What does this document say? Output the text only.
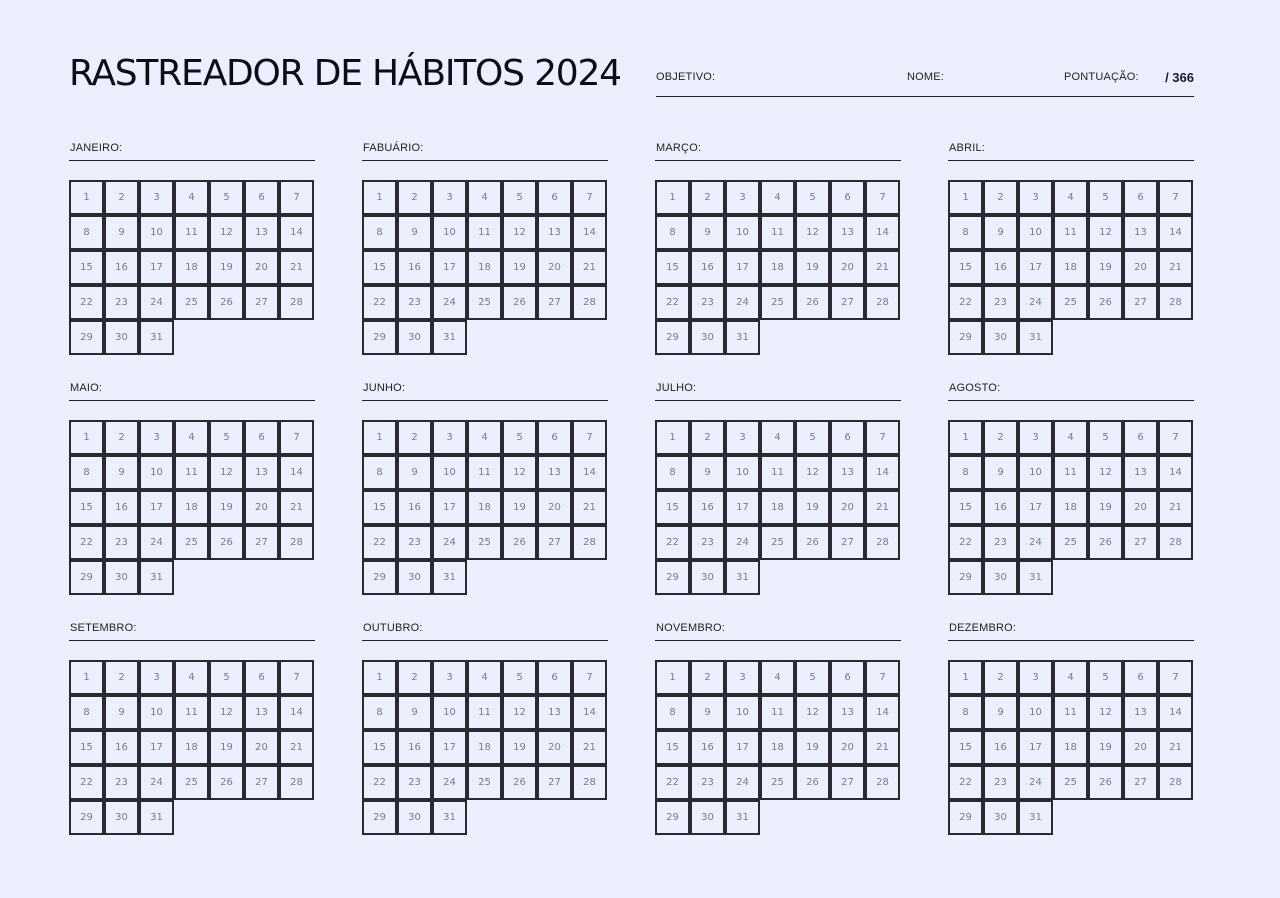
RASTREADOR DE HÁBITOS 2024	OBJETIVO:	NOME:	PONTUAÇÃO: / 366
JANEIRO:
1	2	3	4	5	6	7
8	9	10	11	12	13	14
15	16	17	18	19	20	21
22	23	24	25	26	27	28
29	30	31
FABUÁRIO:
1	2	3	4	5	6	7
8	9	10	11	12	13	14
15	16	17	18	19	20	21
22	23	24	25	26	27	28
29	30	31
MARÇO:
1	2	3	4	5	6	7
8	9	10	11	12	13	14
15	16	17	18	19	20	21
22	23	24	25	26	27	28
29	30	31
ABRIL:
1	2	3	4	5	6	7
8	9	10	11	12	13	14
15	16	17	18	19	20	21
22	23	24	25	26	27	28
29	30	31
MAIO:
1	2	3	4	5	6	7
8	9	10	11	12	13	14
15	16	17	18	19	20	21
22	23	24	25	26	27	28
29	30	31
JUNHO:
1	2	3	4	5	6	7
8	9	10	11	12	13	14
15	16	17	18	19	20	21
22	23	24	25	26	27	28
29	30	31
JULHO:
1	2	3	4	5	6	7
8	9	10	11	12	13	14
15	16	17	18	19	20	21
22	23	24	25	26	27	28
29	30	31
AGOSTO:
1	2	3	4	5	6	7
8	9	10	11	12	13	14
15	16	17	18	19	20	21
22	23	24	25	26	27	28
29	30	31
SETEMBRO:
1	2	3	4	5	6	7
8	9	10	11	12	13	14
15	16	17	18	19	20	21
22	23	24	25	26	27	28
29	30	31
OUTUBRO:
1	2	3	4	5	6	7
8	9	10	11	12	13	14
15	16	17	18	19	20	21
22	23	24	25	26	27	28
29	30	31
NOVEMBRO:
1	2	3	4	5	6	7
8	9	10	11	12	13	14
15	16	17	18	19	20	21
22	23	24	25	26	27	28
29	30	31
DEZEMBRO:
1	2	3	4	5	6	7
8	9	10	11	12	13	14
15	16	17	18	19	20	21
22	23	24	25	26	27	28
29	30	31
